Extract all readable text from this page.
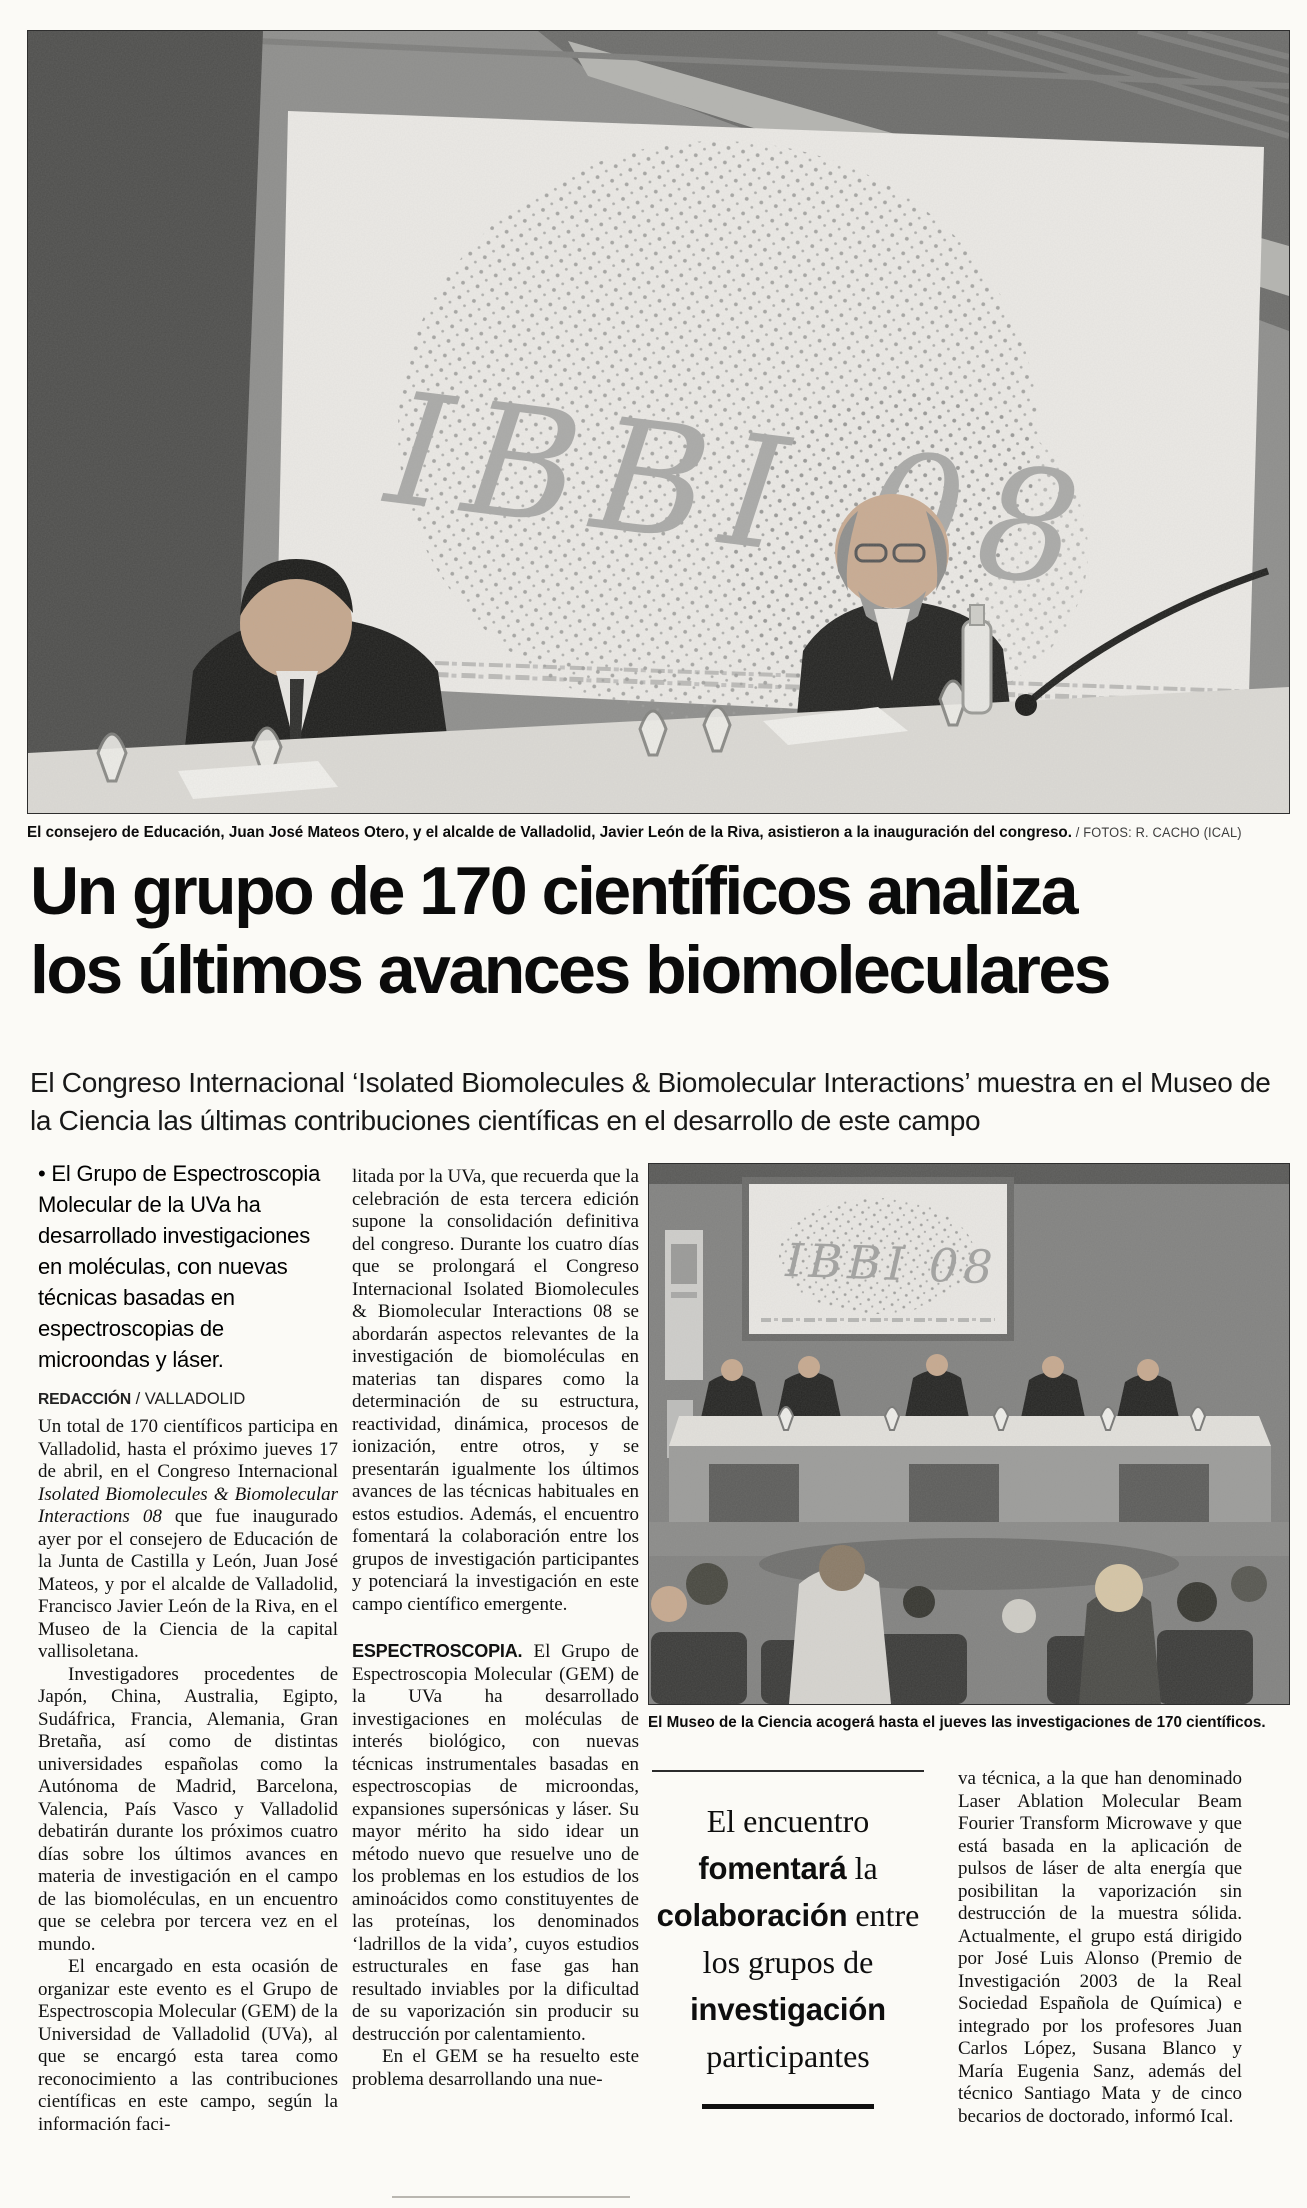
El consejero de Educación, Juan José Mateos Otero, y el alcalde de Valladolid, Javier León de la Riva, asistieron a la inauguración del congreso. / FOTOS: R. CACHO (ICAL)
Un grupo de 170 científicos analiza
los últimos avances biomoleculares
El Congreso Internacional ‘Isolated Biomolecules & Biomolecular Interactions’ muestra en el Museo de la Ciencia las últimas contribuciones científicas en el desarrollo de este campo

• El Grupo de Espectroscopia Molecular de la UVa ha desarrollado investigaciones en moléculas, con nuevas técnicas basadas en espectroscopias de microondas y láser.

REDACCIÓN / VALLADOLID

Un total de 170 científicos participa en Valladolid, hasta el próximo jueves 17 de abril, en el Congreso Internacional Isolated Biomolecules & Biomolecular Interactions 08 que fue inaugurado ayer por el consejero de Educación de la Junta de Castilla y León, Juan José Mateos, y por el alcalde de Valladolid, Francisco Javier León de la Riva, en el Museo de la Ciencia de la capital vallisoletana.

Investigadores procedentes de Japón, China, Australia, Egipto, Sudáfrica, Francia, Alemania, Gran Bretaña, así como de distintas universidades españolas como la Autónoma de Madrid, Barcelona, Valencia, País Vasco y Valladolid debatirán durante los próximos cuatro días sobre los últimos avances en materia de investigación en el campo de las biomoléculas, en un encuentro que se celebra por tercera vez en el mundo.

El encargado en esta ocasión de organizar este evento es el Grupo de Espectroscopia Molecular (GEM) de la Universidad de Valladolid (UVa), al que se encargó esta tarea como reconocimiento a las contribuciones científicas en este campo, según la información faci-

litada por la UVa, que recuerda que la celebración de esta tercera edición supone la consolidación definitiva del congreso. Durante los cuatro días que se prolongará el Congreso Internacional Isolated Biomolecules & Biomolecular Interactions 08 se abordarán aspectos relevantes de la investigación de biomoléculas en materias tan dispares como la determinación de su estructura, reactividad, dinámica, procesos de ionización, entre otros, y se presentarán igualmente los últimos avances de las técnicas habituales en estos estudios. Además, el encuentro fomentará la colaboración entre los grupos de investigación participantes y potenciará la investigación en este campo científico emergente.

ESPECTROSCOPIA. El Grupo de Espectroscopia Molecular (GEM) de la UVa ha desarrollado investigaciones en moléculas de interés biológico, con nuevas técnicas instrumentales basadas en espectroscopias de microondas, expansiones supersónicas y láser. Su mayor mérito ha sido idear un método nuevo que resuelve uno de los problemas en los estudios de los aminoácidos como constituyentes de las proteínas, los denominados ‘ladrillos de la vida’, cuyos estudios estructurales en fase gas han resultado inviables por la dificultad de su vaporización sin producir su destrucción por calentamiento.

En el GEM se ha resuelto este problema desarrollando una nue-

El Museo de la Ciencia acogerá hasta el jueves las investigaciones de 170 científicos.
El encuentro fomentará la colaboración entre los grupos de investigación participantes

va técnica, a la que han denominado Laser Ablation Molecular Beam Fourier Transform Microwave y que está basada en la aplicación de pulsos de láser de alta energía que posibilitan la vaporización sin destrucción de la muestra sólida. Actualmente, el grupo está dirigido por José Luis Alonso (Premio de Investigación 2003 de la Real Sociedad Española de Química) e integrado por los profesores Juan Carlos López, Susana Blanco y María Eugenia Sanz, además del técnico Santiago Mata y de cinco becarios de doctorado, informó Ical.
